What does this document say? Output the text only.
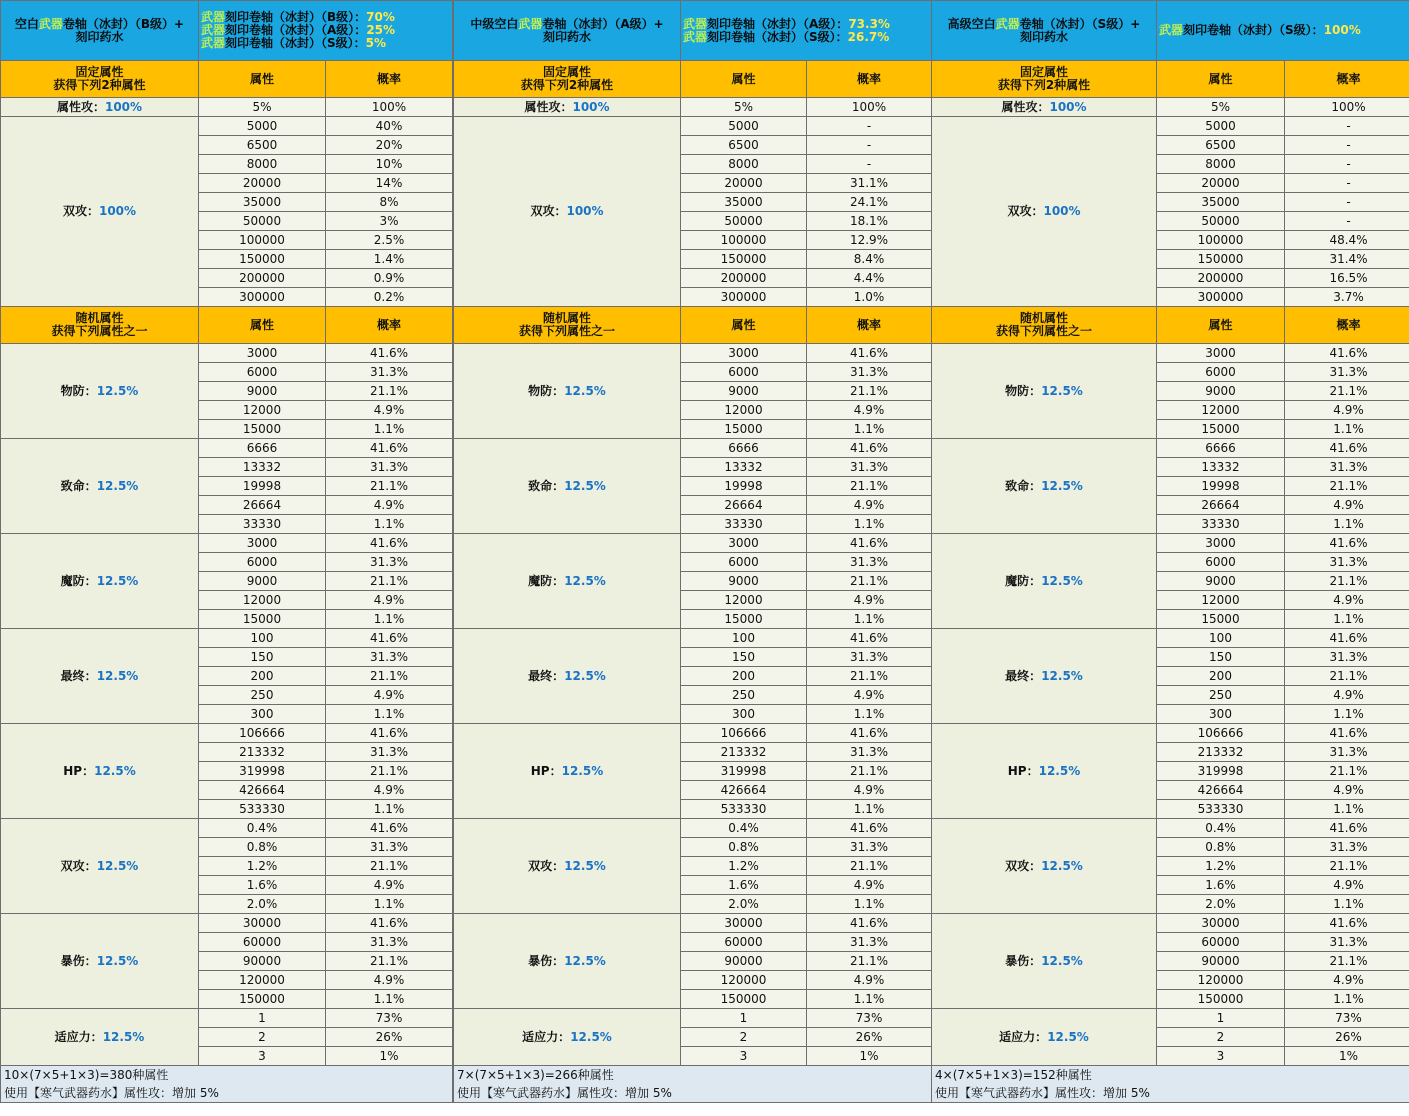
空白武器卷轴（冰封）（B级）+
刻印药水	武器刻印卷轴（冰封）（B级）：70%
武器刻印卷轴（冰封）（A级）：25%
武器刻印卷轴（冰封）（S级）：5%	

固定属性
获得下列2种属性	属性	概率
属性攻：100%	5%	100%
双攻：100%	5000	40%
	6500	20%
	8000	10%
	20000	14%
	35000	8%
	50000	3%
	100000	2.5%
	150000	1.4%
	200000	0.9%
	300000	0.2%
随机属性
获得下列属性之一	属性	概率
物防：12.5%	3000	41.6%
	6000	31.3%
	9000	21.1%
	12000	4.9%
	15000	1.1%
致命：12.5%	6666	41.6%
	13332	31.3%
	19998	21.1%
	26664	4.9%
	33330	1.1%
魔防：12.5%	3000	41.6%
	6000	31.3%
	9000	21.1%
	12000	4.9%
	15000	1.1%
最终：12.5%	100	41.6%
	150	31.3%
	200	21.1%
	250	4.9%
	300	1.1%
HP：12.5%	106666	41.6%
	213332	31.3%
	319998	21.1%
	426664	4.9%
	533330	1.1%
双攻：12.5%	0.4%	41.6%
	0.8%	31.3%
	1.2%	21.1%
	1.6%	4.9%
	2.0%	1.1%
暴伤：12.5%	30000	41.6%
	60000	31.3%
	90000	21.1%
	120000	4.9%
	150000	1.1%
适应力：12.5%	1	73%
	2	26%
	3	1%
10×(7×5+1×3)=380种属性
使用【寒气武器药水】属性攻：增加 5%		
中级空白武器卷轴（冰封）（A级）+
刻印药水	武器刻印卷轴（冰封）（A级）：73.3%
武器刻印卷轴（冰封）（S级）：26.7%	

固定属性
获得下列2种属性	属性	概率
属性攻：100%	5%	100%
双攻：100%	5000	-
	6500	-
	8000	-
	20000	31.1%
	35000	24.1%
	50000	18.1%
	100000	12.9%
	150000	8.4%
	200000	4.4%
	300000	1.0%
随机属性
获得下列属性之一	属性	概率
物防：12.5%	3000	41.6%
	6000	31.3%
	9000	21.1%
	12000	4.9%
	15000	1.1%
致命：12.5%	6666	41.6%
	13332	31.3%
	19998	21.1%
	26664	4.9%
	33330	1.1%
魔防：12.5%	3000	41.6%
	6000	31.3%
	9000	21.1%
	12000	4.9%
	15000	1.1%
最终：12.5%	100	41.6%
	150	31.3%
	200	21.1%
	250	4.9%
	300	1.1%
HP：12.5%	106666	41.6%
	213332	31.3%
	319998	21.1%
	426664	4.9%
	533330	1.1%
双攻：12.5%	0.4%	41.6%
	0.8%	31.3%
	1.2%	21.1%
	1.6%	4.9%
	2.0%	1.1%
暴伤：12.5%	30000	41.6%
	60000	31.3%
	90000	21.1%
	120000	4.9%
	150000	1.1%
适应力：12.5%	1	73%
	2	26%
	3	1%
7×(7×5+1×3)=266种属性
使用【寒气武器药水】属性攻：增加 5%		
高级空白武器卷轴（冰封）（S级）+
刻印药水	武器刻印卷轴（冰封）（S级）：100%	

固定属性
获得下列2种属性	属性	概率
属性攻：100%	5%	100%
双攻：100%	5000	-
	6500	-
	8000	-
	20000	-
	35000	-
	50000	-
	100000	48.4%
	150000	31.4%
	200000	16.5%
	300000	3.7%
随机属性
获得下列属性之一	属性	概率
物防：12.5%	3000	41.6%
	6000	31.3%
	9000	21.1%
	12000	4.9%
	15000	1.1%
致命：12.5%	6666	41.6%
	13332	31.3%
	19998	21.1%
	26664	4.9%
	33330	1.1%
魔防：12.5%	3000	41.6%
	6000	31.3%
	9000	21.1%
	12000	4.9%
	15000	1.1%
最终：12.5%	100	41.6%
	150	31.3%
	200	21.1%
	250	4.9%
	300	1.1%
HP：12.5%	106666	41.6%
	213332	31.3%
	319998	21.1%
	426664	4.9%
	533330	1.1%
双攻：12.5%	0.4%	41.6%
	0.8%	31.3%
	1.2%	21.1%
	1.6%	4.9%
	2.0%	1.1%
暴伤：12.5%	30000	41.6%
	60000	31.3%
	90000	21.1%
	120000	4.9%
	150000	1.1%
适应力：12.5%	1	73%
	2	26%
	3	1%
4×(7×5+1×3)=152种属性
使用【寒气武器药水】属性攻：增加 5%		
